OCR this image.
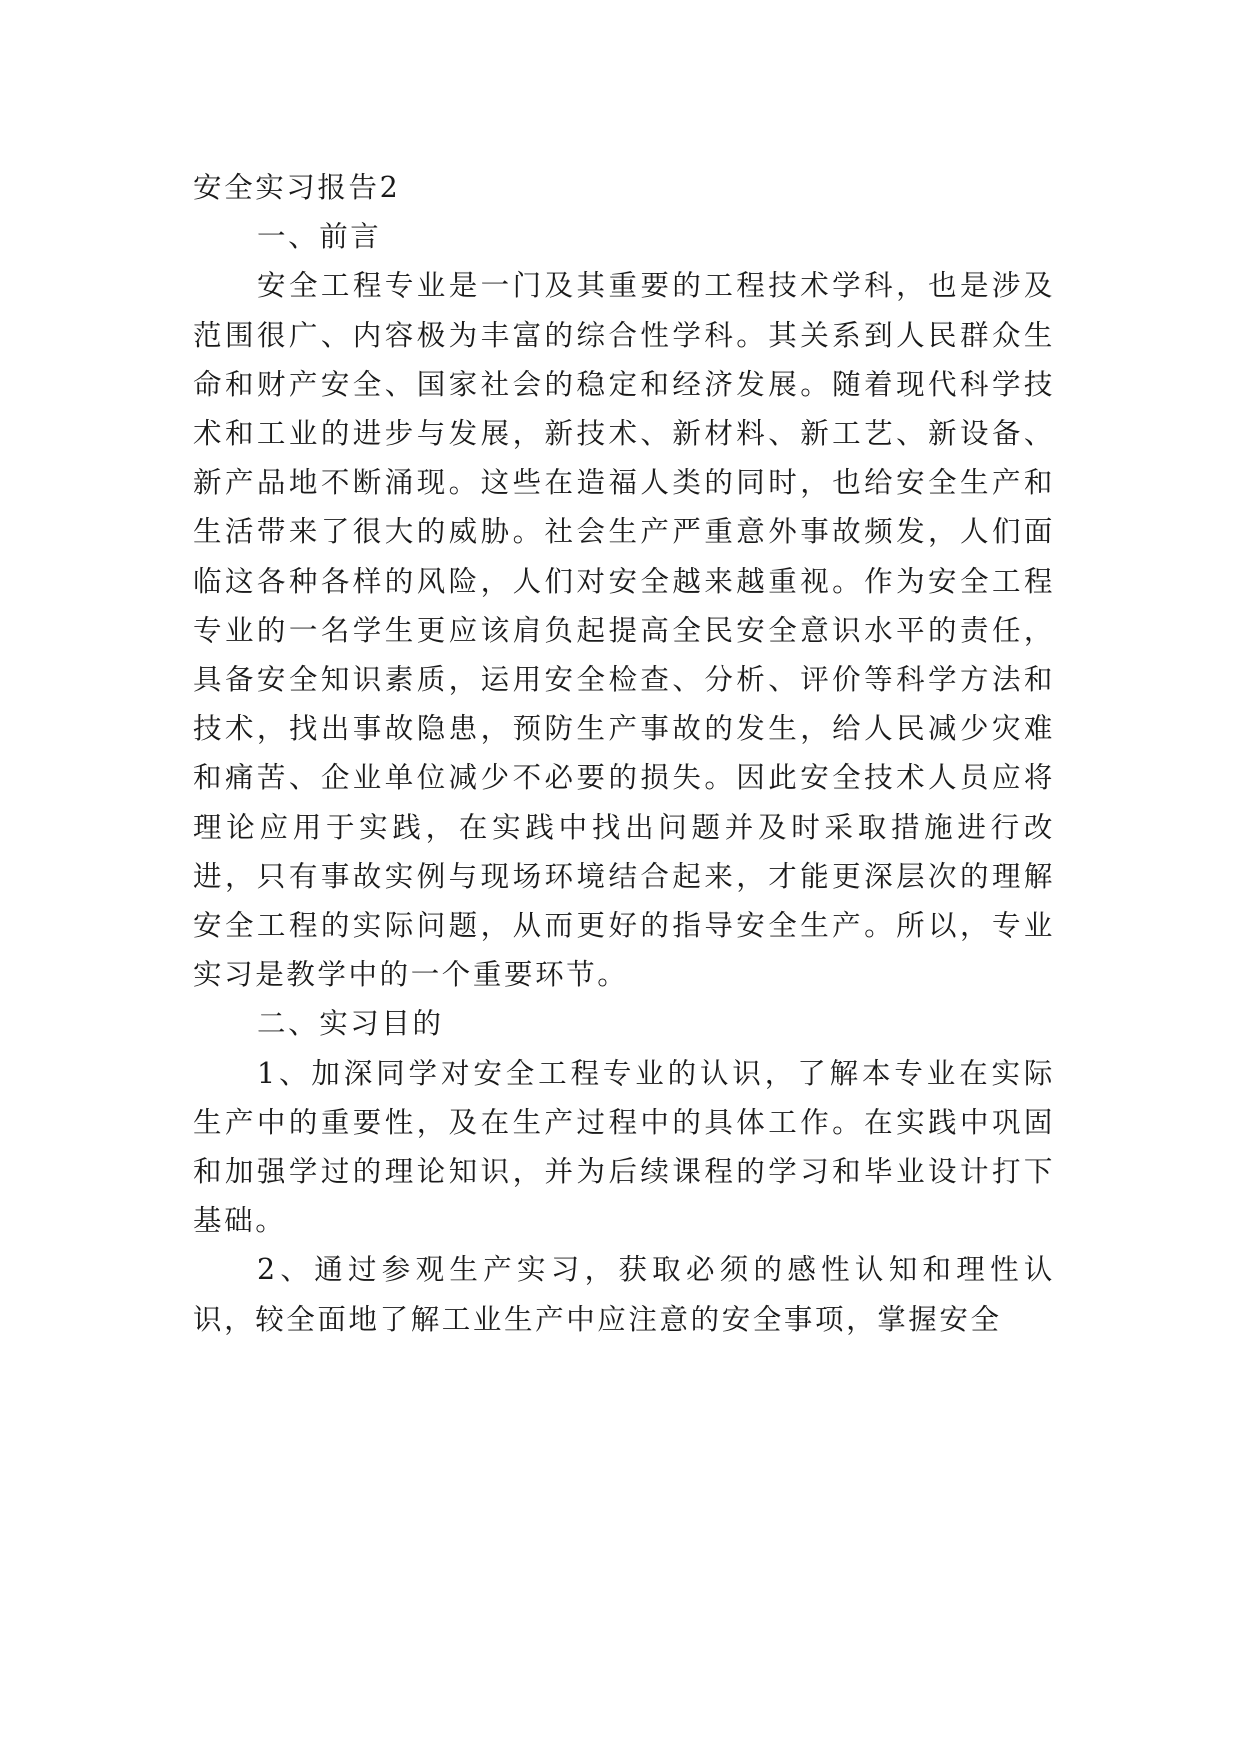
安全实习报告2
一、前言

安全工程专业是一门及其重要的工程技术学科，也是涉及范围很广、内容极为丰富的综合性学科。其关系到人民群众生命和财产安全、国家社会的稳定和经济发展。随着现代科学技术和工业的进步与发展，新技术、新材料、新工艺、新设备、新产品地不断涌现。这些在造福人类的同时，也给安全生产和生活带来了很大的威胁。社会生产严重意外事故频发，人们面临这各种各样的风险，人们对安全越来越重视。作为安全工程专业的一名学生更应该肩负起提高全民安全意识水平的责任，具备安全知识素质，运用安全检查、分析、评价等科学方法和技术，找出事故隐患，预防生产事故的发生，给人民减少灾难和痛苦、企业单位减少不必要的损失。因此安全技术人员应将理论应用于实践，在实践中找出问题并及时采取措施进行改进，只有事故实例与现场环境结合起来，才能更深层次的理解安全工程的实际问题，从而更好的指导安全生产。所以，专业实习是教学中的一个重要环节。

二、实习目的

1、加深同学对安全工程专业的认识，了解本专业在实际生产中的重要性，及在生产过程中的具体工作。在实践中巩固和加强学过的理论知识，并为后续课程的学习和毕业设计打下基础。

2、通过参观生产实习，获取必须的感性认知和理性认识，较全面地了解工业生产中应注意的安全事项，掌握安全
